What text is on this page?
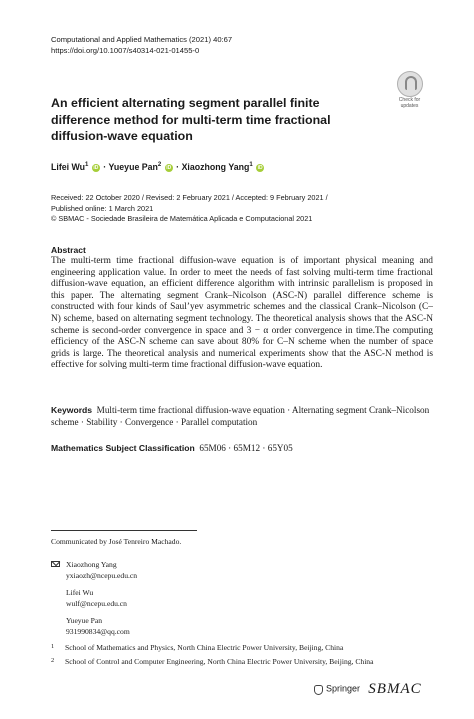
Computational and Applied Mathematics (2021) 40:67
https://doi.org/10.1007/s40314-021-01455-0
Check for
updates
An efficient alternating segment parallel finite difference method for multi-term time fractional diffusion-wave equation
Lifei Wu$^1$ iD · Yueyue Pan$^2$ iD · Xiaozhong Yang$^1$ iD
Received: 22 October 2020 / Revised: 2 February 2021 / Accepted: 9 February 2021 /
Published online: 1 March 2021
© SBMAC - Sociedade Brasileira de Matemática Aplicada e Computacional 2021
Abstract
The multi-term time fractional diffusion-wave equation is of important physical meaning and engineering application value. In order to meet the needs of fast solving multi-term time fractional diffusion-wave equation, an efficient difference algorithm with intrinsic parallelism is proposed in this paper. The alternating segment Crank–Nicolson (ASC-N) parallel difference scheme is constructed with four kinds of Saul’yev asymmetric schemes and the classical Crank–Nicolson (C–N) scheme, based on alternating segment technology. The theoretical analysis shows that the ASC-N scheme is second-order convergence in space and 3 − α order convergence in time.The computing efficiency of the ASC-N scheme can save about 80% for C–N scheme when the number of space grids is large. The theoretical analysis and numerical experiments show that the ASC-N method is effective for solving multi-term time fractional diffusion-wave equation.
Keywords Multi-term time fractional diffusion-wave equation · Alternating segment Crank–Nicolson scheme · Stability · Convergence · Parallel computation
Mathematics Subject Classification 65M06 · 65M12 · 65Y05
Communicated by José Tenreiro Machado.
Xiaozhong Yang
yxiaozh@ncepu.edu.cn
Lifei Wu
wulf@ncepu.edu.cn
Yueyue Pan
931990834@qq.com
1 School of Mathematics and Physics, North China Electric Power University, Beijing, China
2 School of Control and Computer Engineering, North China Electric Power University, Beijing, China
Springer SBMAC
